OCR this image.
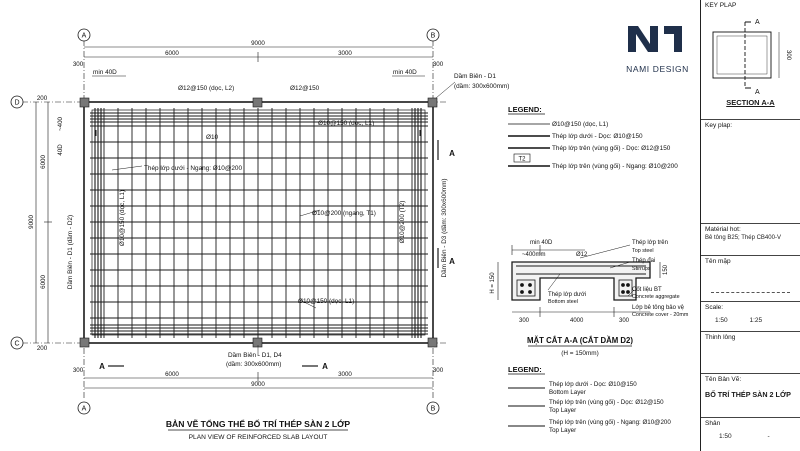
A	B
A	B
D
C
9000
6000	3000
300	300
9000
6000	3000
300	300
200
200
9000
6000
6000
~400
40D
min 40D	min 40D
Ø12@150 (dọc, L2)	Ø12@150
Ø10
Ø10@150 (dọc, L1)
Thép lớp dưới - Ngang: Ø10@200
Ø10@200 (ngang, T1)
Ø10@150 (dọc, L1)
Dầm Biên - D1
(dầm: 300x600mm)
Dầm Biên - D1, D4
(dầm: 300x600mm)
Ø10@150 (dọc, L1)	Ø10@200 (T2)
Dầm Biên - D1 (dầm - D2)	Dầm Biên - D3 (dầm: 300x600mm)
A
A
A	A
BẢN VẼ TỔNG THỂ BỐ TRÍ THÉP SÀN 2 LỚP
PLAN VIEW OF REINFORCED SLAB LAYOUT
LEGEND:
T2
Ø10@150 (dọc, L1)
Thép lớp dưới - Dọc: Ø10@150
Thép lớp trên (vùng gối) - Dọc: Ø12@150
Thép lớp trên (vùng gối) - Ngang: Ø10@200
min 40D
~400mm	Ø12
Thép lớp trên
Top steel
Thép đai
Stirrups
Thép lớp dưới
Bottom steel
Cốt liệu BT
Concrete aggregate
Lớp bê tông bảo vệ
Concrete cover - 20mm
300	4000	300
H = 150
150
MẶT CẮT A-A (CẮT DẦM D2)
(H = 150mm)
LEGEND:
Thép lớp dưới - Dọc: Ø10@150
Bottom Layer
Thép lớp trên (vùng gối) - Dọc: Ø12@150
Top Layer
Thép lớp trên (vùng gối) - Ngang: Ø10@200
Top Layer
NAMI DESIGN
KEY PLAP
A
A
300
SECTION A-A
Key plap:
Matérial hot:
Bê tông B25; Thép CB400-V
Tên mặp
Scale:
1:50	1:25
Thinh lông
Tên Bản Vẽ:
BỐ TRÍ THÉP SÀN 2 LỚP
Shân
1:50	-
